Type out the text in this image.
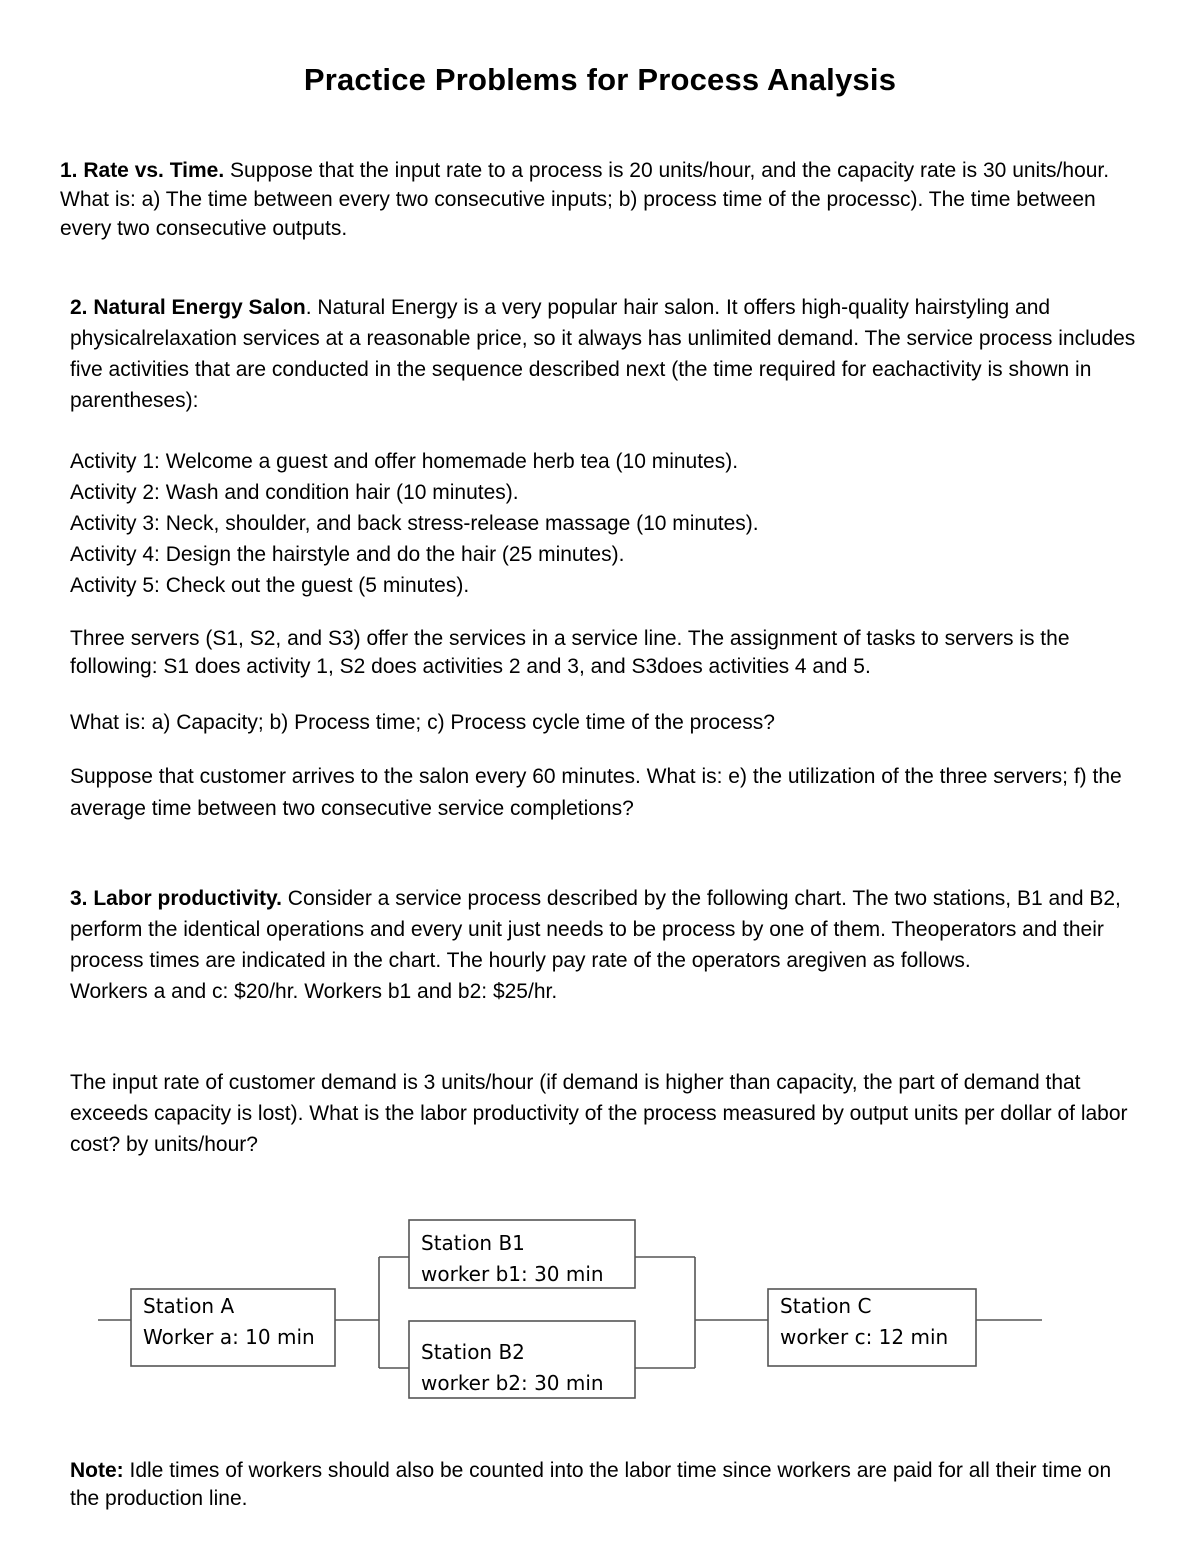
Practice Problems for Process Analysis
1. Rate vs. Time. Suppose that the input rate to a process is 20 units/hour, and the capacity rate is 30 units/hour. What is: a) The time between every two consecutive inputs; b) process time of the processc). The time between every two consecutive outputs.
2. Natural Energy Salon. Natural Energy is a very popular hair salon. It offers high-quality hairstyling and physicalrelaxation services at a reasonable price, so it always has unlimited demand. The service process includes five activities that are conducted in the sequence described next (the time required for eachactivity is shown in parentheses):
Activity 1: Welcome a guest and offer homemade herb tea (10 minutes).
Activity 2: Wash and condition hair (10 minutes).
Activity 3: Neck, shoulder, and back stress-release massage (10 minutes).
Activity 4: Design the hairstyle and do the hair (25 minutes).
Activity 5: Check out the guest (5 minutes).
Three servers (S1, S2, and S3) offer the services in a service line. The assignment of tasks to servers is the following: S1 does activity 1, S2 does activities 2 and 3, and S3does activities 4 and 5.
What is: a) Capacity; b) Process time; c) Process cycle time of the process?
Suppose that customer arrives to the salon every 60 minutes. What is: e) the utilization of the three servers; f) the average time between two consecutive service completions?
3. Labor productivity. Consider a service process described by the following chart. The two stations, B1 and B2, perform the identical operations and every unit just needs to be process by one of them. Theoperators and their process times are indicated in the chart. The hourly pay rate of the operators aregiven as follows.
Workers a and c: $20/hr. Workers b1 and b2: $25/hr.
The input rate of customer demand is 3 units/hour (if demand is higher than capacity, the part of demand that exceeds capacity is lost). What is the labor productivity of the process measured by output units per dollar of labor cost? by units/hour?
Station A
Worker a: 10 min
Station B1
worker b1: 30 min
Station B2
worker b2: 30 min
Station C
worker c: 12 min
Note: Idle times of workers should also be counted into the labor time since workers are paid for all their time on the production line.
